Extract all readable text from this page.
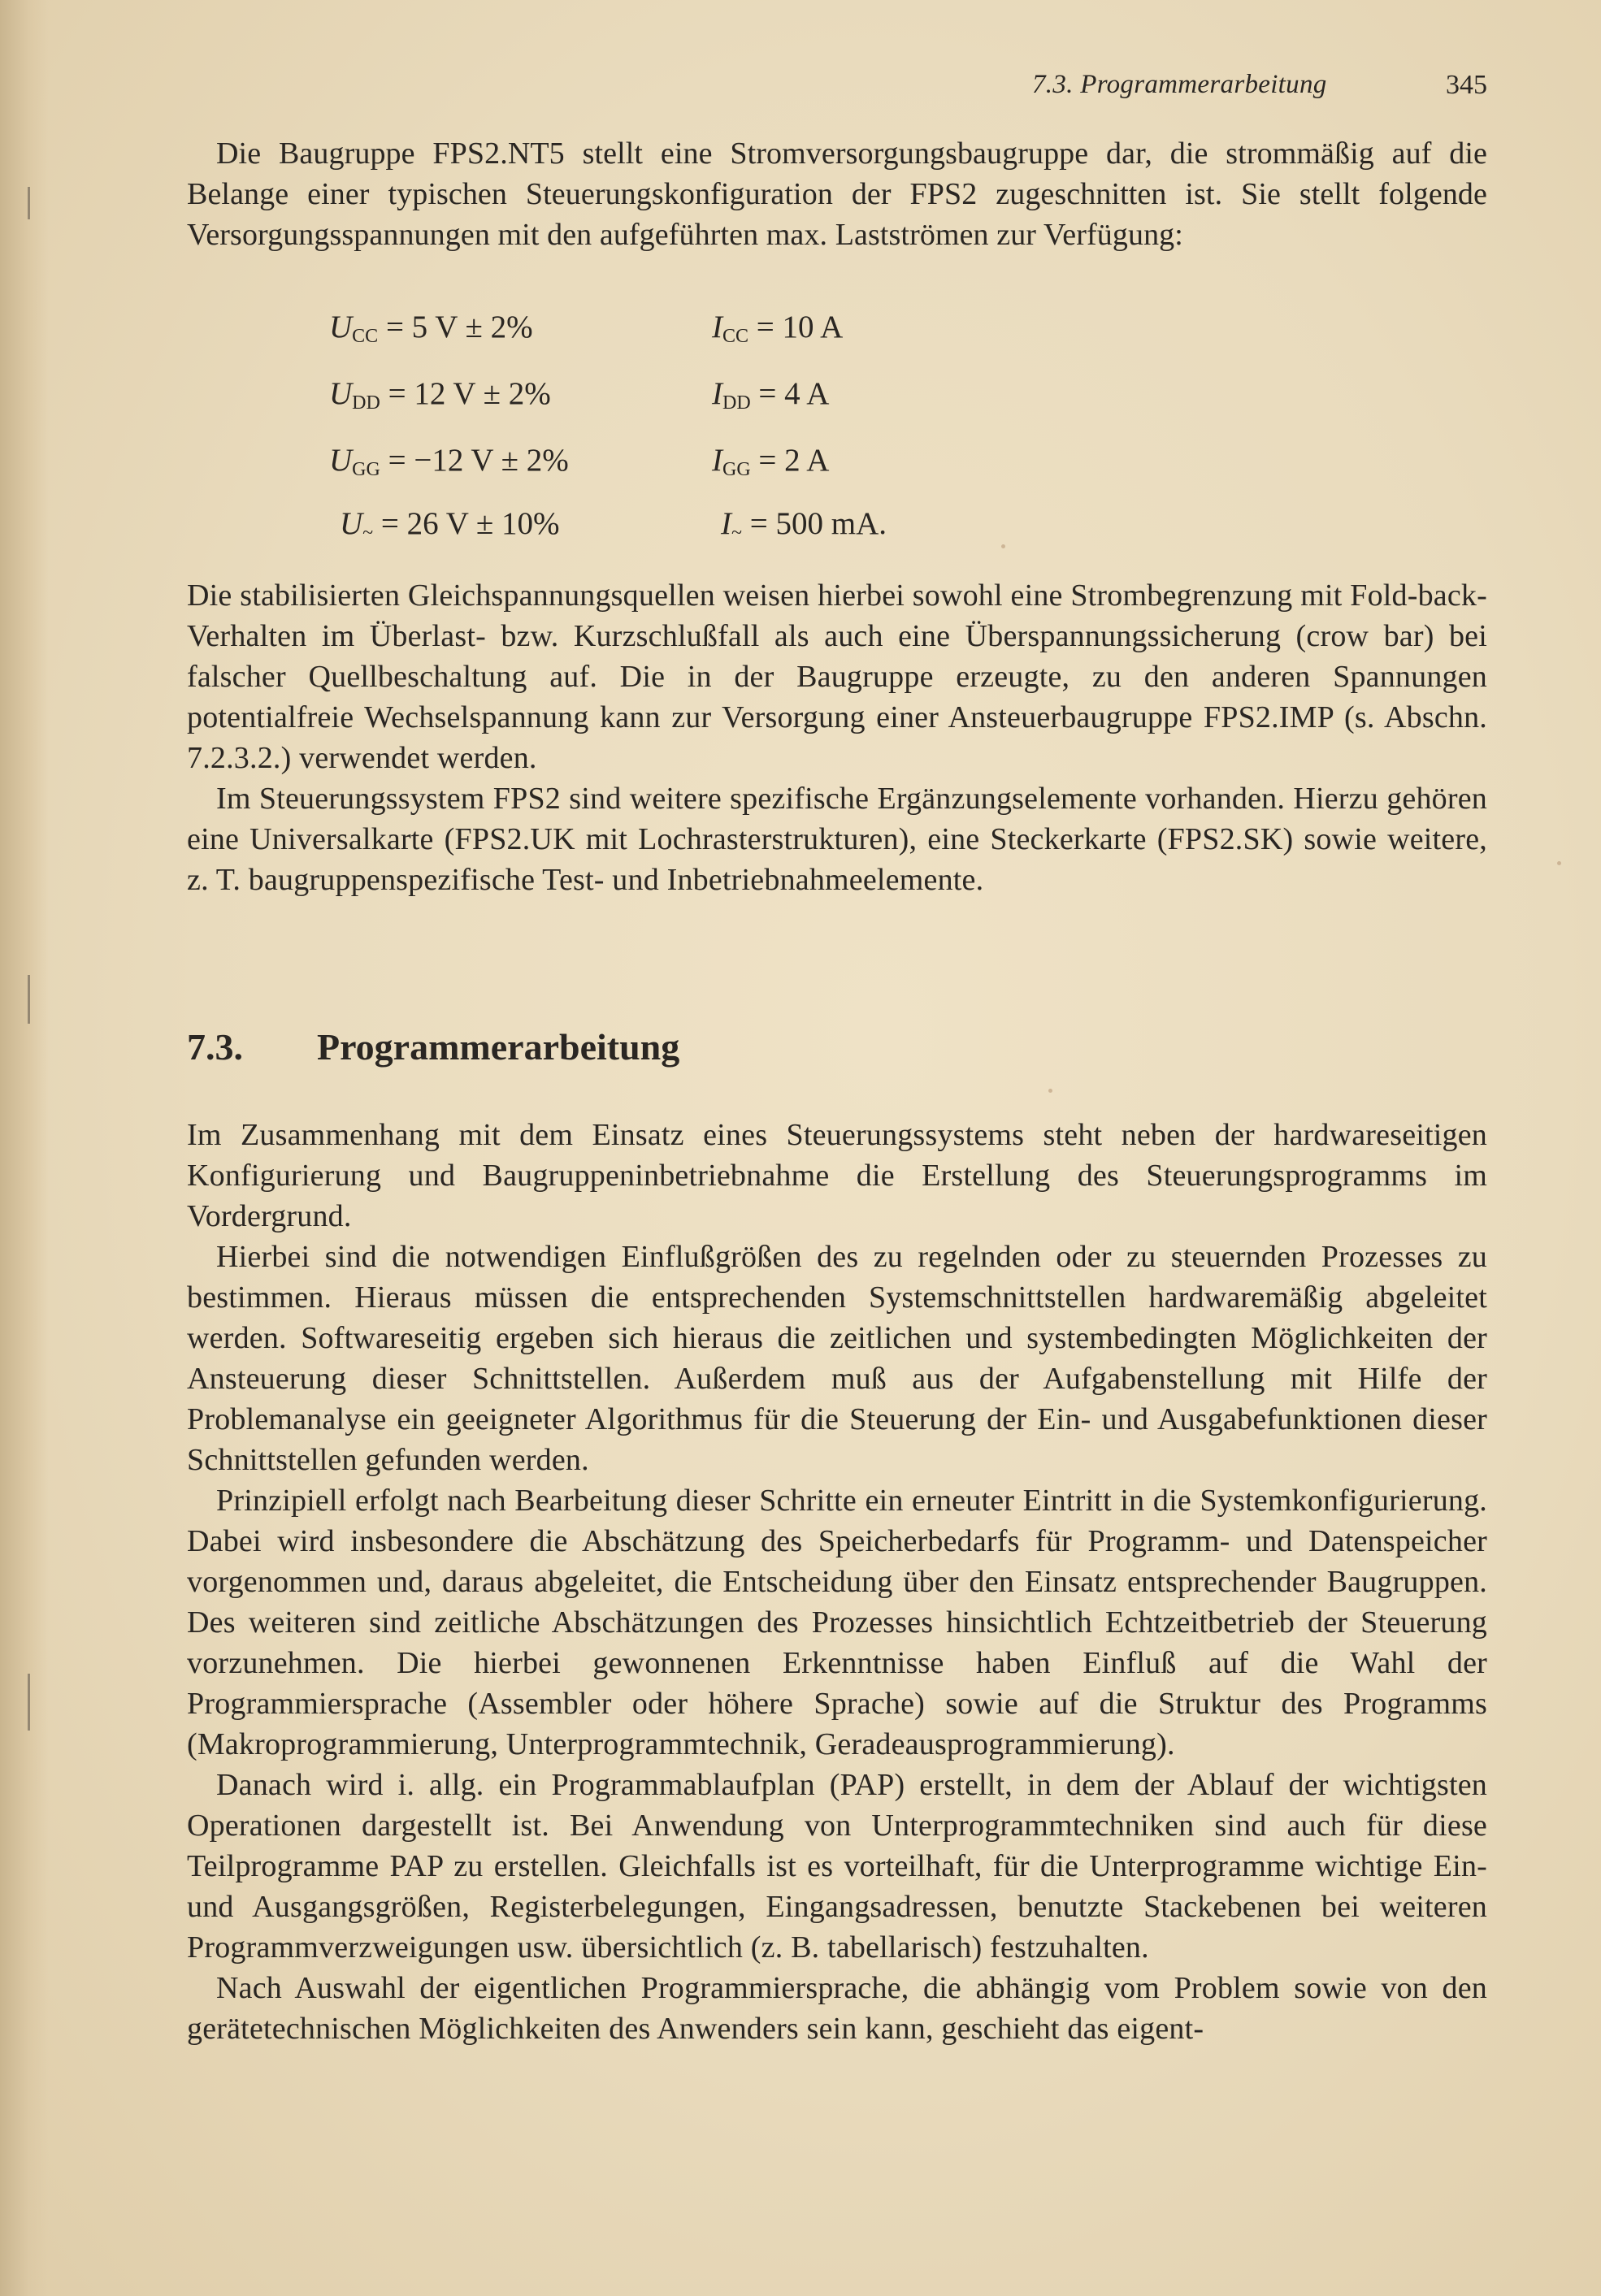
7.3. Programmerarbeitung	345

Die Baugruppe FPS2.NT5 stellt eine Stromversorgungsbaugruppe dar, die strommäßig auf die Belange einer typischen Steuerungskonfiguration der FPS2 zugeschnitten ist. Sie stellt folgende Versorgungsspannungen mit den aufgeführten max. Lastströmen zur Verfügung:

$U_{CC} = 5$ V ± 2%	$I_{CC} = 10$ A
$U_{DD} = 12$ V ± 2%	$I_{DD} = 4$ A
$U_{GG} = -12$ V ± 2%	$I_{GG} = 2$ A
$U_\sim = 26$ V ± 10%	$I_\sim = 500$ mA.

Die stabilisierten Gleichspannungsquellen weisen hierbei sowohl eine Strombegrenzung mit Fold-back-Verhalten im Überlast- bzw. Kurzschlußfall als auch eine Überspannungssicherung (crow bar) bei falscher Quellbeschaltung auf. Die in der Baugruppe erzeugte, zu den anderen Spannungen potentialfreie Wechselspannung kann zur Versorgung einer Ansteuerbaugruppe FPS2.IMP (s. Abschn. 7.2.3.2.) verwendet werden.

Im Steuerungssystem FPS2 sind weitere spezifische Ergänzungselemente vorhanden. Hierzu gehören eine Universalkarte (FPS2.UK mit Lochrasterstrukturen), eine Steckerkarte (FPS2.SK) sowie weitere, z. T. baugruppenspezifische Test- und Inbetriebnahmeelemente.

7.3. Programmerarbeitung

Im Zusammenhang mit dem Einsatz eines Steuerungssystems steht neben der hardwareseitigen Konfigurierung und Baugruppeninbetriebnahme die Erstellung des Steuerungsprogramms im Vordergrund.

Hierbei sind die notwendigen Einflußgrößen des zu regelnden oder zu steuernden Prozesses zu bestimmen. Hieraus müssen die entsprechenden Systemschnittstellen hardwaremäßig abgeleitet werden. Softwareseitig ergeben sich hieraus die zeitlichen und systembedingten Möglichkeiten der Ansteuerung dieser Schnittstellen. Außerdem muß aus der Aufgabenstellung mit Hilfe der Problemanalyse ein geeigneter Algorithmus für die Steuerung der Ein- und Ausgabefunktionen dieser Schnittstellen gefunden werden.

Prinzipiell erfolgt nach Bearbeitung dieser Schritte ein erneuter Eintritt in die Systemkonfigurierung. Dabei wird insbesondere die Abschätzung des Speicherbedarfs für Programm- und Datenspeicher vorgenommen und, daraus abgeleitet, die Entscheidung über den Einsatz entsprechender Baugruppen. Des weiteren sind zeitliche Abschätzungen des Prozesses hinsichtlich Echtzeitbetrieb der Steuerung vorzunehmen. Die hierbei gewonnenen Erkenntnisse haben Einfluß auf die Wahl der Programmiersprache (Assembler oder höhere Sprache) sowie auf die Struktur des Programms (Makroprogrammierung, Unterprogrammtechnik, Geradeausprogrammierung).

Danach wird i. allg. ein Programmablaufplan (PAP) erstellt, in dem der Ablauf der wichtigsten Operationen dargestellt ist. Bei Anwendung von Unterprogrammtechniken sind auch für diese Teilprogramme PAP zu erstellen. Gleichfalls ist es vorteilhaft, für die Unterprogramme wichtige Ein- und Ausgangsgrößen, Registerbelegungen, Eingangsadressen, benutzte Stackebenen bei weiteren Programmverzweigungen usw. übersichtlich (z. B. tabellarisch) festzuhalten.

Nach Auswahl der eigentlichen Programmiersprache, die abhängig vom Problem sowie von den gerätetechnischen Möglichkeiten des Anwenders sein kann, geschieht das eigent-
